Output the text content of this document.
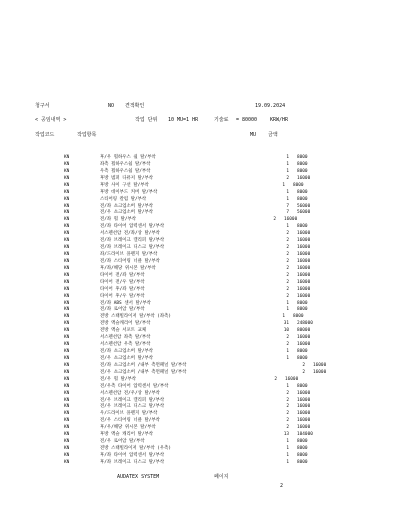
청구서	NO 견적확인	19.09.2024
< 공임내역 >	작업 단위 10 MU=1 HR	기술료 = 80000	KRW/HR
작업코드	작업항목	MU 금액
KN	후/우 휠하우스 쉴 탈/부착	1 8000
KN	좌측 휠하우스쉴 탈/부착	1 8000
KN	우측 휠하우스쉴 탈/부착	1 8000
KN	후방 범퍼 디퓨저 탈/부착	2 16000
KN	후방 사이 구션 탈/부착	1 8000
KN	후방 데이부드 커버 탈/부착	1 8000
KN	스티어링 칼럼 탈/부착	1 8000
KN	전/좌 쇼크업소버 탈/부착	7 56000
KN	전/우 쇼크업소버 탈/부착	7 56000
KN	전/좌 휠 탈/부착	2 16000
KN	전/좌 타이어 압력센서 탈/부착	1 8000
KN	서스펜션암 전/좌/상 탈/부착	2 16000
KN	전/좌 브레이크 캘리퍼 탈/부착	2 16000
KN	전/좌 브레이크 디스크 탈/부착	2 16000
KN	좌/드라이브 플렌지 탈/부착	2 16000
KN	전/좌 스티어링 너클 탈/부착	2 16000
KN	후/좌/해당 위시본 탈/부착	2 16000
KN	타이어 전/좌 탈/부착	2 16000
KN	타이어 전/우 탈/부착	2 16000
KN	타이어 후/좌 탈/부착	2 16000
KN	타이어 후/우 탈/부착	2 16000
KN	전/좌 ABS 센서 탈/부착	1 8000
KN	전/좌 로어암 탈/부착	1 8000
KN	전방 스태빌라이저 탈/부착 (좌측)	1 8000
KN	전방 액슬캐리어 탈/부착	31 248000
KN	전방 액슬 서포트 교체	10 80000
KN	서스펜션암 좌측 탈/부착	2 16000
KN	서스펜션암 우측 탈/부착	2 16000
KN	전/좌 쇼크업소버 탈/부착	1 8000
KN	전/우 쇼크업소버 탈/부착	1 8000
KN	전/좌 쇼크업소버 /내부 측면패널 탈/부착	2 16000
KN	전/우 쇼크업소버 /내부 측면패널 탈/부착	2 16000
KN	전/우 휠 탈/부착	2 16000
KN	전/우측 타이어 압력센서 탈/부착	1 8000
KN	서스펜션암 전/우/상 탈/부착	2 16000
KN	전/우 브레이크 캘리퍼 탈/부착	2 16000
KN	전/우 브레이크 디스크 탈/부착	2 16000
KN	우/드라이브 플렌지 탈/부착	2 16000
KN	전/우 스티어링 너클 탈/부착	2 16000
KN	후/우/해당 위시본 탈/부착	2 16000
KN	후방 액슬 캐리어 탈/부착	13 104000
KN	전/우 로어암 탈/부착	1 8000
KN	전방 스태빌라이저 탈/부착 (우측)	1 8000
KN	후/좌 타이어 압력센서 탈/부착	1 8000
KN	후/좌 브레이크 디스크 탈/부착	1 8000
AUDATEX SYSTEM	페이지
2
